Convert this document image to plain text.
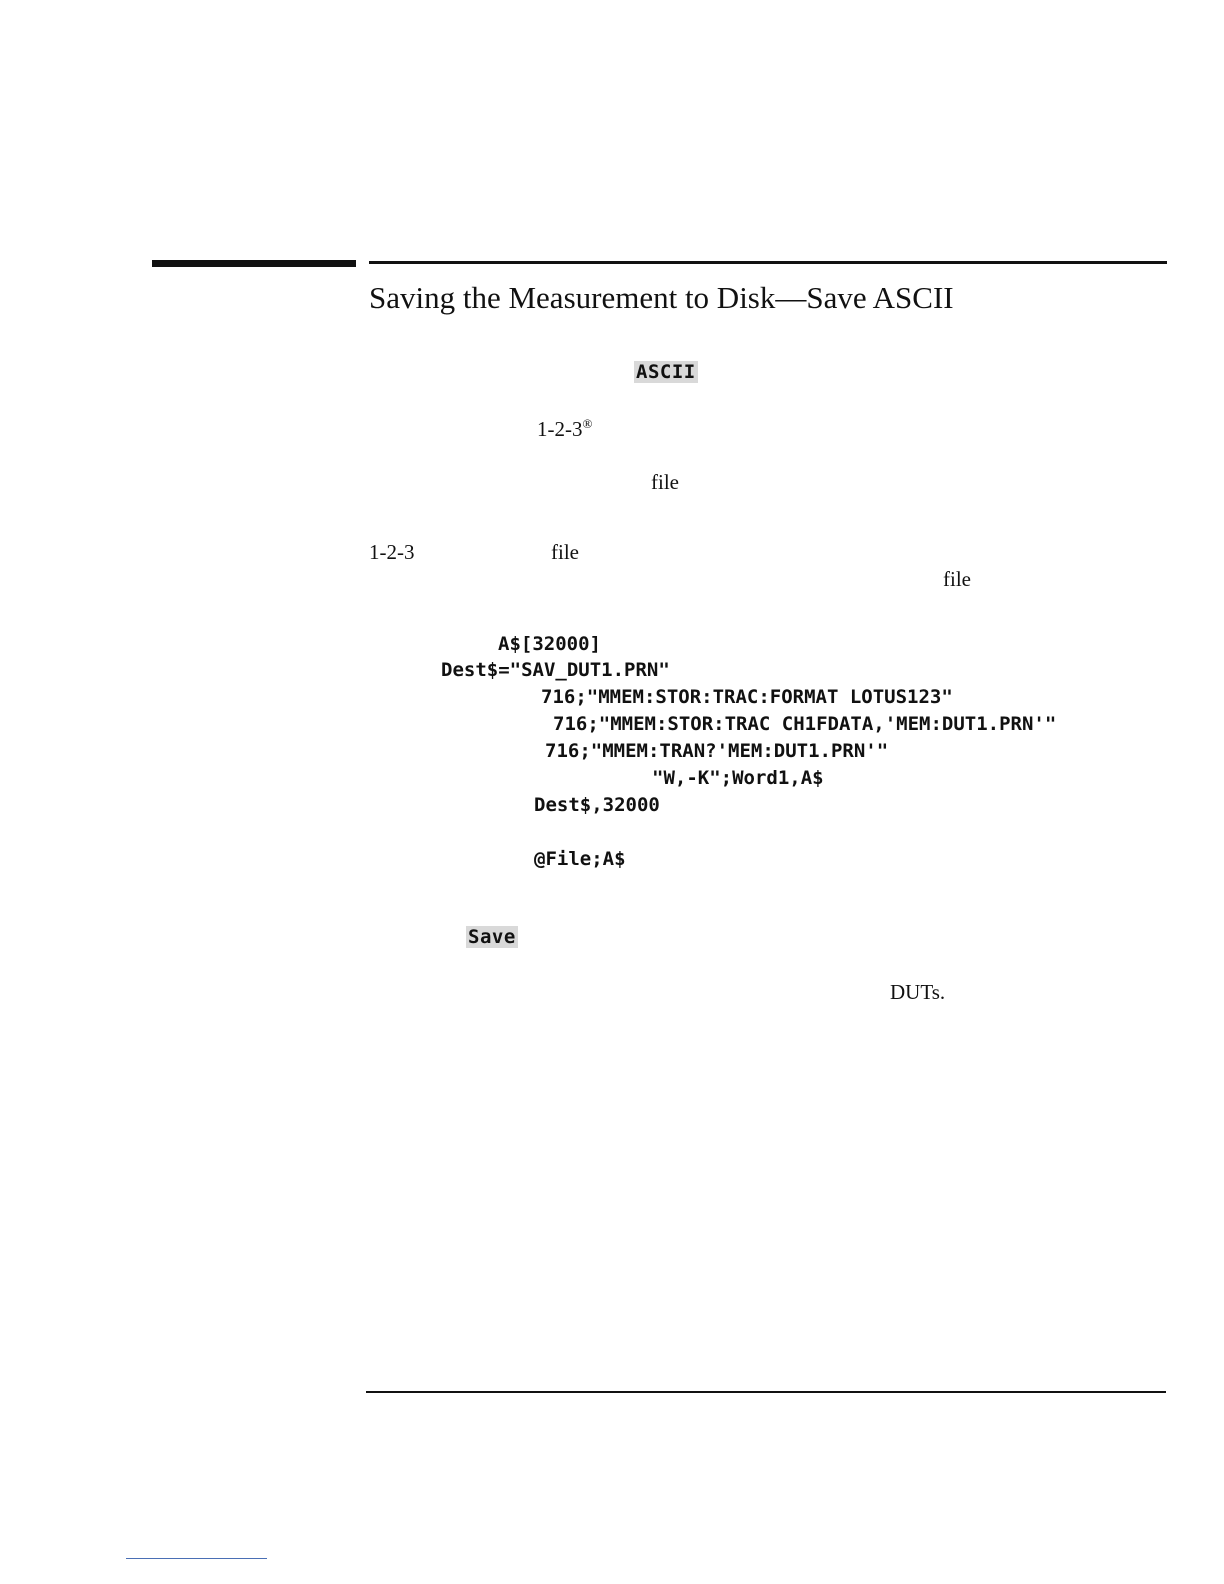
Saving the Measurement to Disk—Save ASCII
ASCII
1-2-3®
file
1-2-3	file
file
A$[32000]
Dest$="SAV_DUT1.PRN"
716;"MMEM:STOR:TRAC:FORMAT LOTUS123"
716;"MMEM:STOR:TRAC CH1FDATA,'MEM:DUT1.PRN'"
716;"MMEM:TRAN?'MEM:DUT1.PRN'"
"W,-K";Word1,A$
Dest$,32000
@File;A$
Save
DUTs.
